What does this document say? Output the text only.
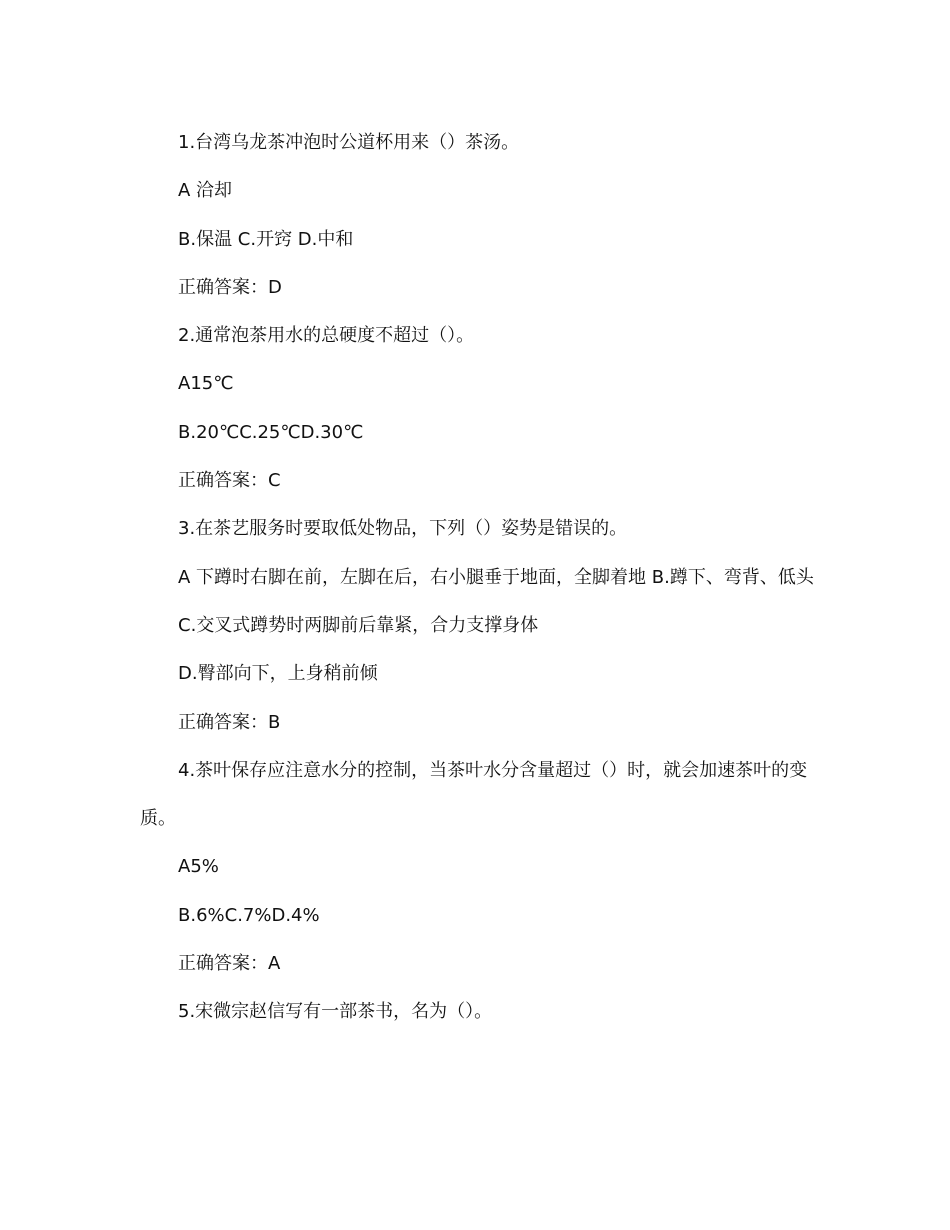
1.台湾乌龙茶冲泡时公道杯用来（）茶汤。

A 洽却

B.保温 C.开窍 D.中和

正确答案：D

2.通常泡茶用水的总硬度不超过（）。

A15℃

B.20℃C.25℃D.30℃

正确答案：C

3.在茶艺服务时要取低处物品，下列（）姿势是错误的。

A 下蹲时右脚在前，左脚在后，右小腿垂于地面，全脚着地 B.蹲下、弯背、低头

C.交叉式蹲势时两脚前后靠紧，合力支撑身体

D.臀部向下，上身稍前倾

正确答案：B

4.茶叶保存应注意水分的控制，当茶叶水分含量超过（）时，就会加速茶叶的变质。

A5%

B.6%C.7%D.4%

正确答案：A

5.宋微宗赵信写有一部茶书，名为（）。
